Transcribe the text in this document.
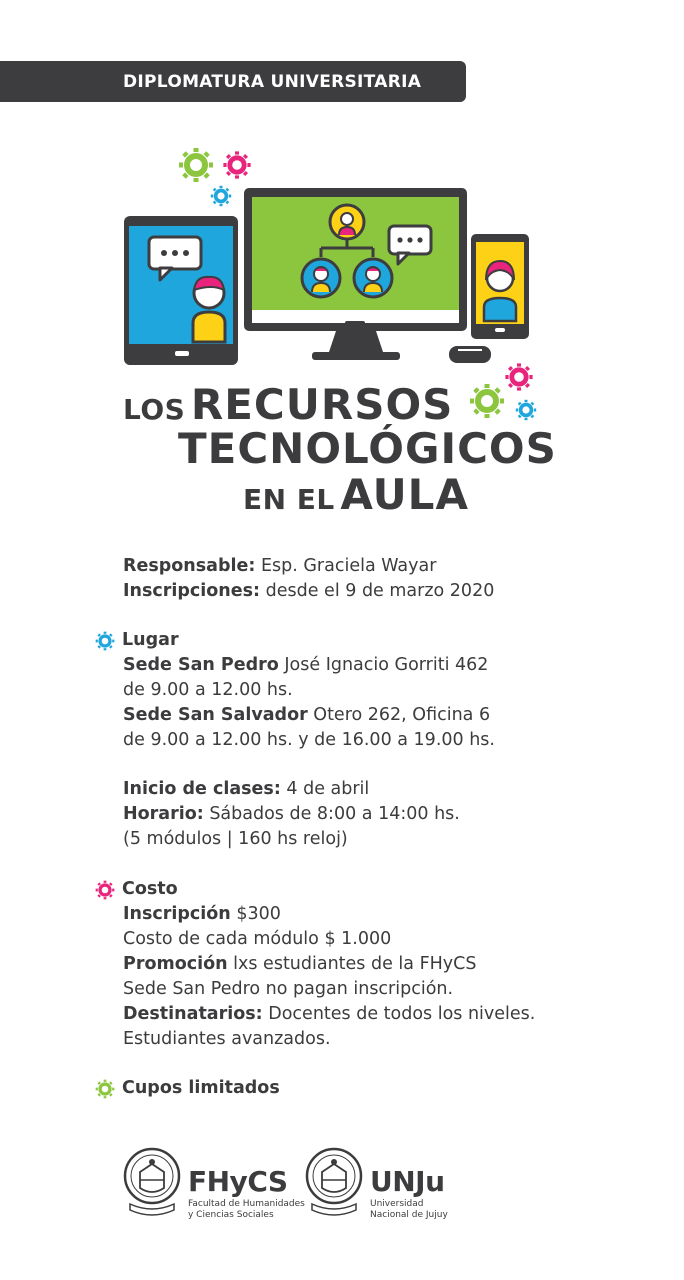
DIPLOMATURA UNIVERSITARIA
LOS RECURSOS
TECNOLÓGICOS
EN EL AULA
Responsable: Esp. Graciela Wayar
Inscripciones: desde el 9 de marzo 2020
Lugar
Sede San Pedro José Ignacio Gorriti 462
de 9.00 a 12.00 hs.
Sede San Salvador Otero 262, Oficina 6
de 9.00 a 12.00 hs. y de 16.00 a 19.00 hs.
Inicio de clases: 4 de abril
Horario: Sábados de 8:00 a 14:00 hs.
(5 módulos | 160 hs reloj)
Costo
Inscripción $300
Costo de cada módulo $ 1.000
Promoción lxs estudiantes de la FHyCS
Sede San Pedro no pagan inscripción.
Destinatarios: Docentes de todos los niveles.
Estudiantes avanzados.
Cupos limitados
FHyCS
Facultad de Humanidades
y Ciencias Sociales
UNJu
Universidad
Nacional de Jujuy
